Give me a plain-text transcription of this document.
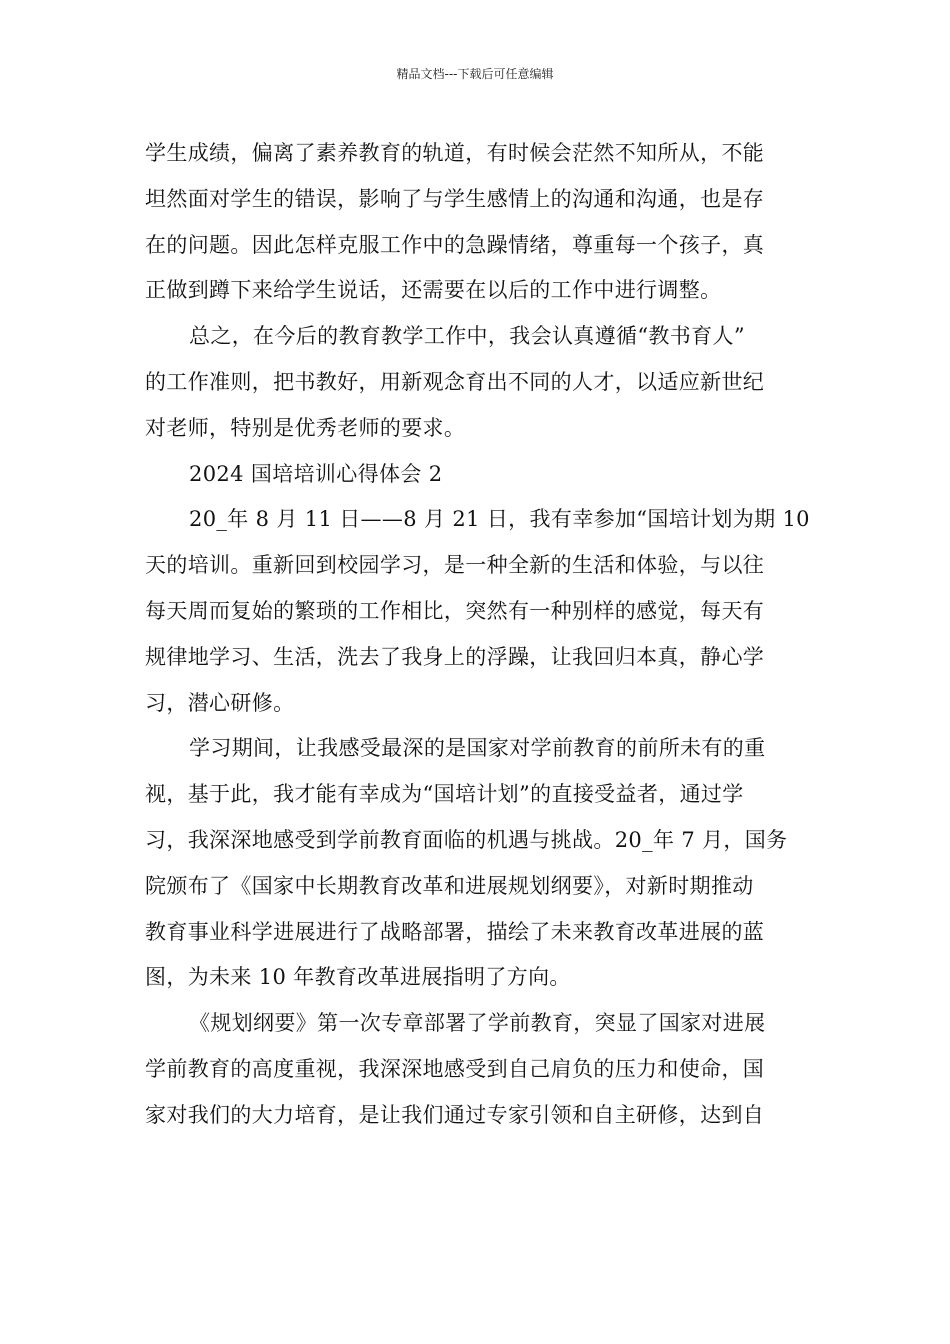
精品文档---下载后可任意编辑

学生成绩，偏离了素养教育的轨道，有时候会茫然不知所从，不能
坦然面对学生的错误，影响了与学生感情上的沟通和沟通，也是存
在的问题。因此怎样克服工作中的急躁情绪，尊重每一个孩子，真
正做到蹲下来给学生说话，还需要在以后的工作中进行调整。

总之，在今后的教育教学工作中，我会认真遵循“教书育人”
的工作准则，把书教好，用新观念育出不同的人才，以适应新世纪
对老师，特别是优秀老师的要求。

2024 国培培训心得体会 2

20_年 8 月 11 日——8 月 21 日，我有幸参加“国培计划为期 10
天的培训。重新回到校园学习，是一种全新的生活和体验，与以往
每天周而复始的繁琐的工作相比，突然有一种别样的感觉，每天有
规律地学习、生活，洗去了我身上的浮躁，让我回归本真，静心学
习，潜心研修。

学习期间，让我感受最深的是国家对学前教育的前所未有的重
视，基于此，我才能有幸成为“国培计划”的直接受益者，通过学
习，我深深地感受到学前教育面临的机遇与挑战。20_年 7 月，国务
院颁布了《国家中长期教育改革和进展规划纲要》，对新时期推动
教育事业科学进展进行了战略部署，描绘了未来教育改革进展的蓝
图，为未来 10 年教育改革进展指明了方向。

《规划纲要》第一次专章部署了学前教育，突显了国家对进展
学前教育的高度重视，我深深地感受到自己肩负的压力和使命，国
家对我们的大力培育，是让我们通过专家引领和自主研修，达到自
